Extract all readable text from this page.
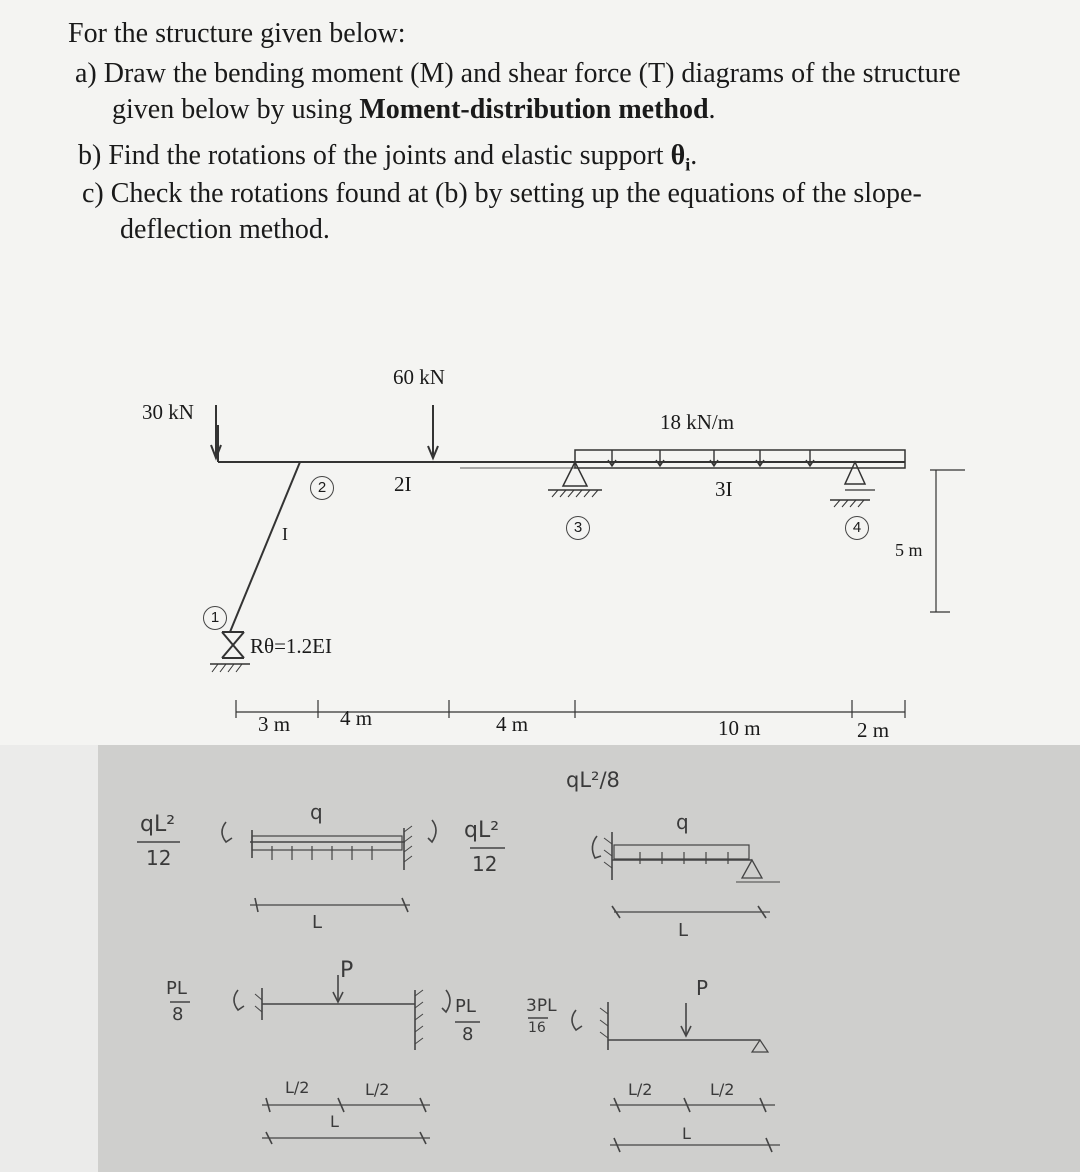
For the structure given below:
a) Draw the bending moment (M) and shear force (T) diagrams of the structure
given below by using Moment-distribution method.
b) Find the rotations of the joints and elastic support $\theta_i$.
c) Check the rotations found at (b) by setting up the equations of the slope-
deflection method.
30 kN
60 kN
18 kN/m
2
I
2I	3I
1
3	4
Rθ=1.2EI
5 m
3 m 4 m	4 m	10 m	2 m
qL²
12
q
L
qL²
12
qL²/8
q
L
PL
8
P
L/2	L/2
L
PL
8
3PL
16
P
L/2	L/2
L
